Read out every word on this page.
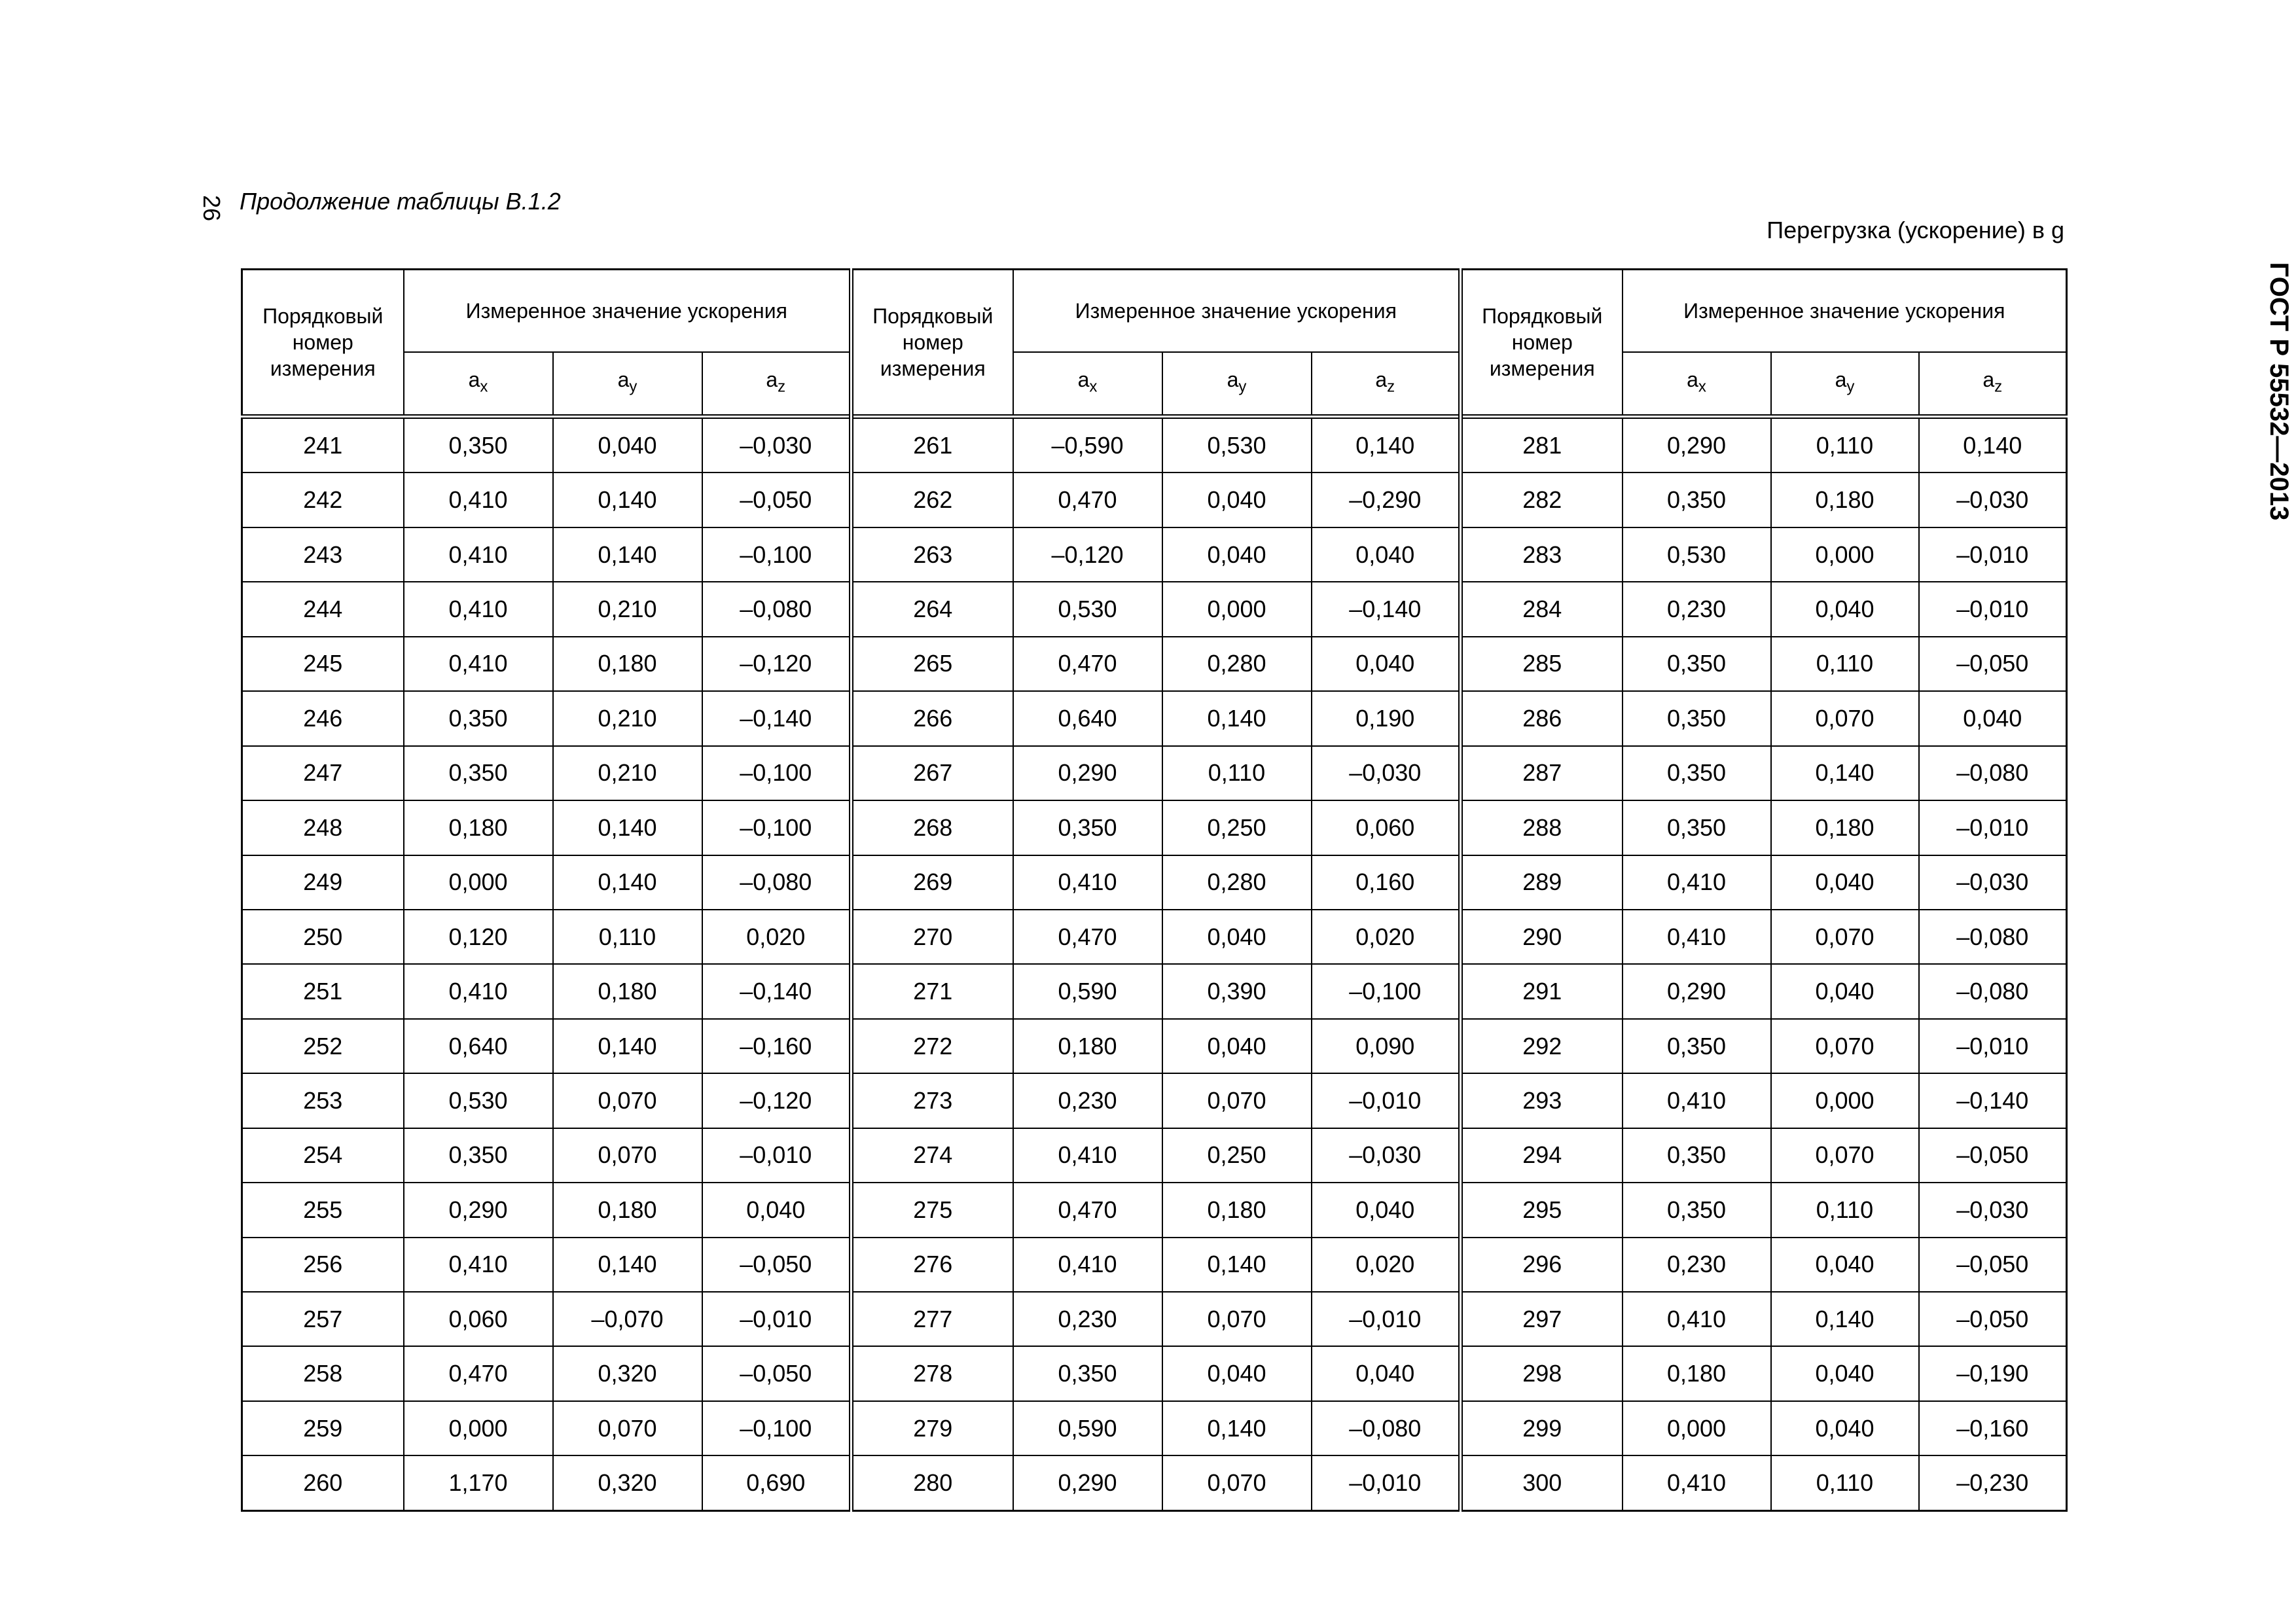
26 Продолжение таблицы В.1.2
Перегрузка (ускорение) в g
ГОСТ Р 55532—2013
Порядковый номер измерения	Измеренное значение ускорения			Порядковый номер измерения	Измеренное значение ускорения			Порядковый номер измерения	Измеренное значение ускорения		
	$a_x$	$a_y$	$a_z$		$a_x$	$a_y$	$a_z$		$a_x$	$a_y$	$a_z$
241	0,350	0,040	–0,030	261	–0,590	0,530	0,140	281	0,290	0,110	0,140
242	0,410	0,140	–0,050	262	0,470	0,040	–0,290	282	0,350	0,180	–0,030
243	0,410	0,140	–0,100	263	–0,120	0,040	0,040	283	0,530	0,000	–0,010
244	0,410	0,210	–0,080	264	0,530	0,000	–0,140	284	0,230	0,040	–0,010
245	0,410	0,180	–0,120	265	0,470	0,280	0,040	285	0,350	0,110	–0,050
246	0,350	0,210	–0,140	266	0,640	0,140	0,190	286	0,350	0,070	0,040
247	0,350	0,210	–0,100	267	0,290	0,110	–0,030	287	0,350	0,140	–0,080
248	0,180	0,140	–0,100	268	0,350	0,250	0,060	288	0,350	0,180	–0,010
249	0,000	0,140	–0,080	269	0,410	0,280	0,160	289	0,410	0,040	–0,030
250	0,120	0,110	0,020	270	0,470	0,040	0,020	290	0,410	0,070	–0,080
251	0,410	0,180	–0,140	271	0,590	0,390	–0,100	291	0,290	0,040	–0,080
252	0,640	0,140	–0,160	272	0,180	0,040	0,090	292	0,350	0,070	–0,010
253	0,530	0,070	–0,120	273	0,230	0,070	–0,010	293	0,410	0,000	–0,140
254	0,350	0,070	–0,010	274	0,410	0,250	–0,030	294	0,350	0,070	–0,050
255	0,290	0,180	0,040	275	0,470	0,180	0,040	295	0,350	0,110	–0,030
256	0,410	0,140	–0,050	276	0,410	0,140	0,020	296	0,230	0,040	–0,050
257	0,060	–0,070	–0,010	277	0,230	0,070	–0,010	297	0,410	0,140	–0,050
258	0,470	0,320	–0,050	278	0,350	0,040	0,040	298	0,180	0,040	–0,190
259	0,000	0,070	–0,100	279	0,590	0,140	–0,080	299	0,000	0,040	–0,160
260	1,170	0,320	0,690	280	0,290	0,070	–0,010	300	0,410	0,110	–0,230
